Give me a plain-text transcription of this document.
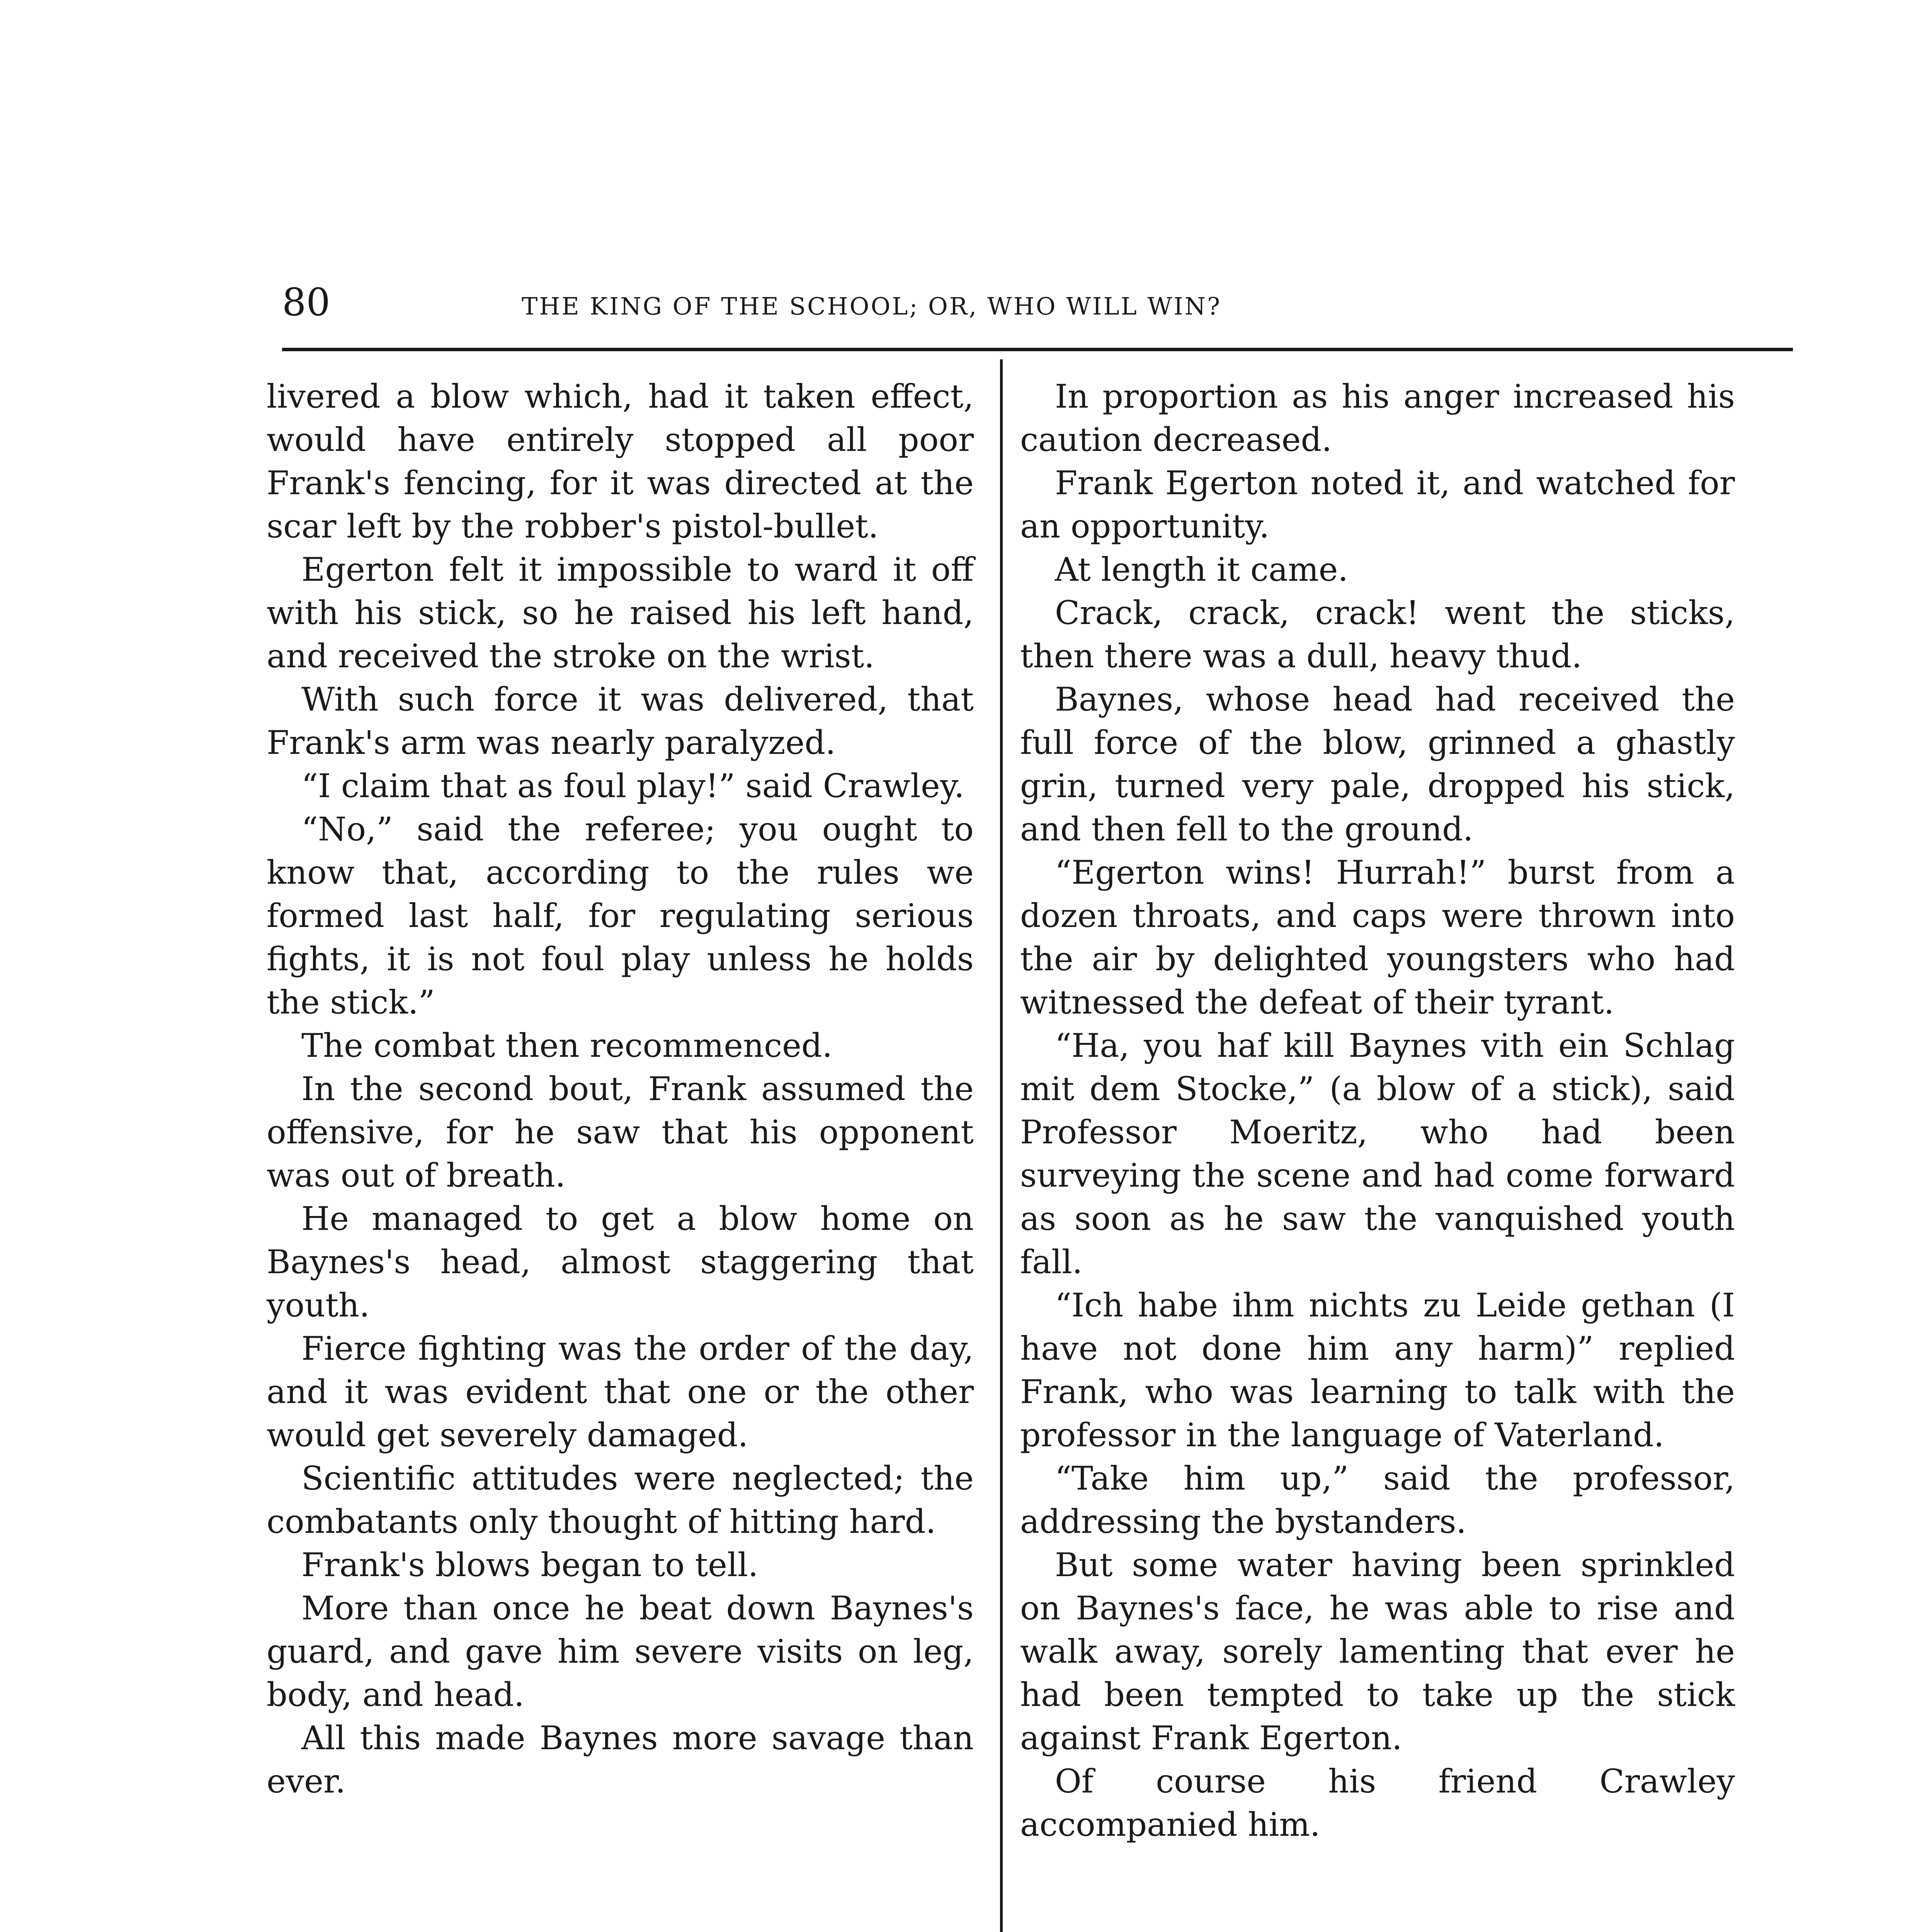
80	THE KING OF THE SCHOOL; OR, WHO WILL WIN?

livered a blow which, had it taken effect, would have entirely stopped all poor Frank's fencing, for it was directed at the scar left by the robber's pistol-bullet.

Egerton felt it impossible to ward it off with his stick, so he raised his left hand, and received the stroke on the wrist.

With such force it was delivered, that Frank's arm was nearly paralyzed.

“I claim that as foul play!” said Crawley.

“No,” said the referee; you ought to know that, according to the rules we formed last half, for regulating serious fights, it is not foul play unless he holds the stick.”

The combat then recommenced.

In the second bout, Frank assumed the offensive, for he saw that his opponent was out of breath.

He managed to get a blow home on Baynes's head, almost staggering that youth.

Fierce fighting was the order of the day, and it was evident that one or the other would get severely damaged.

Scientific attitudes were neglected; the combatants only thought of hitting hard.

Frank's blows began to tell.

More than once he beat down Baynes's guard, and gave him severe visits on leg, body, and head.

All this made Baynes more savage than ever.

In proportion as his anger increased his caution decreased.

Frank Egerton noted it, and watched for an opportunity.

At length it came.

Crack, crack, crack! went the sticks, then there was a dull, heavy thud.

Baynes, whose head had received the full force of the blow, grinned a ghastly grin, turned very pale, dropped his stick, and then fell to the ground.

“Egerton wins! Hurrah!” burst from a dozen throats, and caps were thrown into the air by delighted youngsters who had witnessed the defeat of their tyrant.

“Ha, you haf kill Baynes vith ein Schlag mit dem Stocke,” (a blow of a stick), said Professor Moeritz, who had been surveying the scene and had come forward as soon as he saw the vanquished youth fall.

“Ich habe ihm nichts zu Leide gethan (I have not done him any harm)” replied Frank, who was learning to talk with the professor in the language of Vaterland.

“Take him up,” said the professor, addressing the bystanders.

But some water having been sprinkled on Baynes's face, he was able to rise and walk away, sorely lamenting that ever he had been tempted to take up the stick against Frank Egerton.

Of course his friend Crawley accompanied him.
